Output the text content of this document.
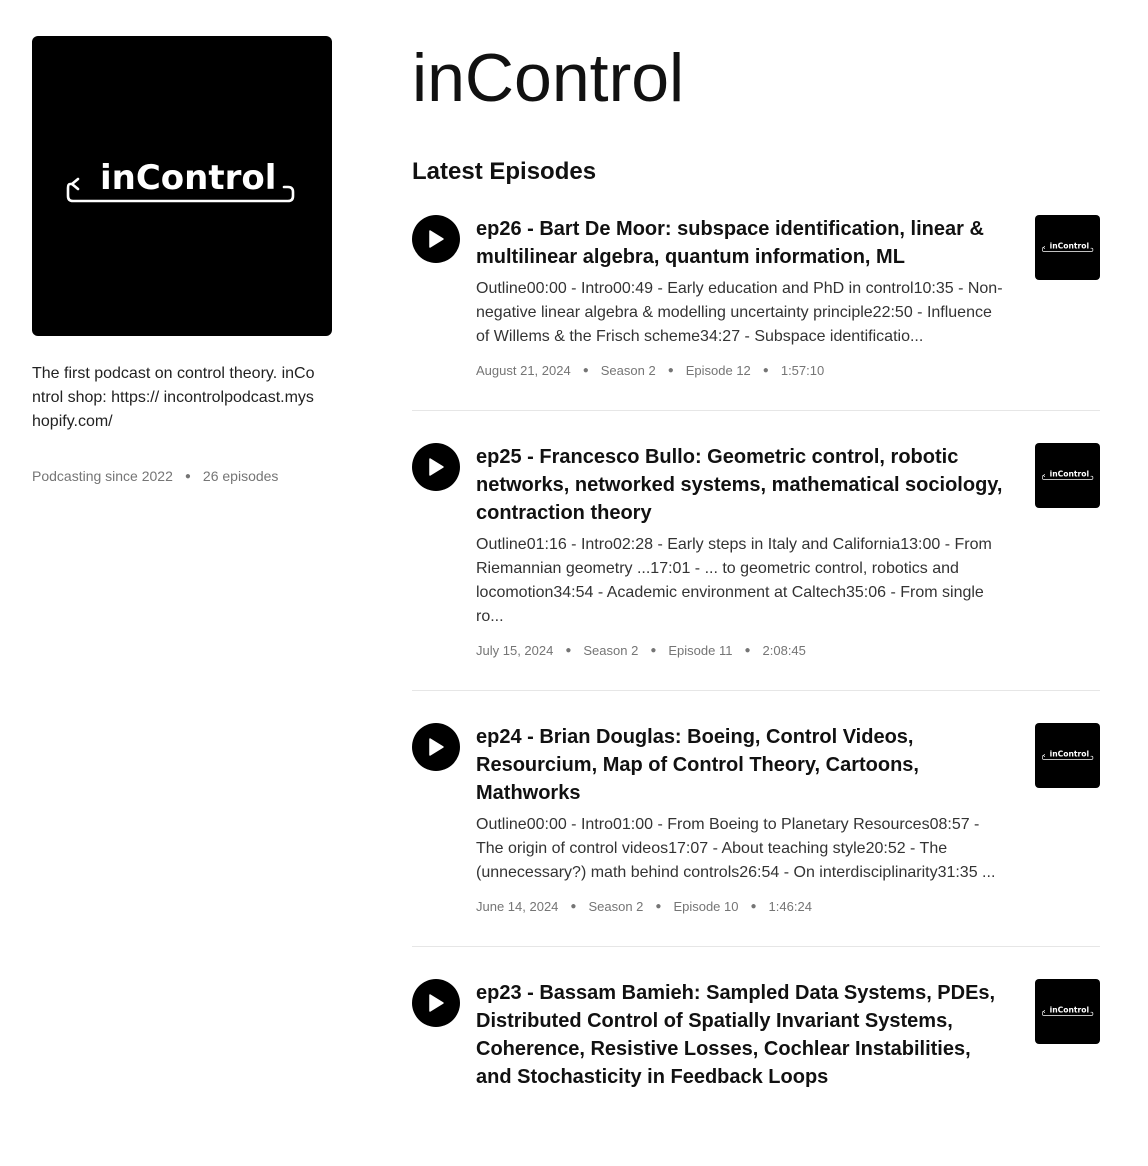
inControl

The first podcast on control theory. inControl shop: https:// incontrolpodcast.myshopify.com/

Podcasting since 2022 ● 26 episodes
inControl
Latest Episodes
ep26 - Bart De Moor: subspace identification, linear & multilinear algebra, quantum information, ML
Outline00:00 - Intro00:49 - Early education and PhD in control10:35 - Non-negative linear algebra & modelling uncertainty principle22:50 - Influence of Willems & the Frisch scheme34:27 - Subspace identificatio...
August 21, 2024 ● Season 2 ● Episode 12 ● 1:57:10
inControl
ep25 - Francesco Bullo: Geometric control, robotic networks, networked systems, mathematical sociology, contraction theory
Outline01:16 - Intro02:28 - Early steps in Italy and California13:00 - From Riemannian geometry ...17:01 - ... to geometric control, robotics and locomotion34:54 - Academic environment at Caltech35:06 - From single ro...
July 15, 2024 ● Season 2 ● Episode 11 ● 2:08:45
inControl
ep24 - Brian Douglas: Boeing, Control Videos, Resourcium, Map of Control Theory, Cartoons, Mathworks
Outline00:00 - Intro01:00 - From Boeing to Planetary Resources08:57 - The origin of control videos17:07 - About teaching style20:52 - The (unnecessary?) math behind controls26:54 - On interdisciplinarity31:35 ...
June 14, 2024 ● Season 2 ● Episode 10 ● 1:46:24
inControl
ep23 - Bassam Bamieh: Sampled Data Systems, PDEs, Distributed Control of Spatially Invariant Systems, Coherence, Resistive Losses, Cochlear Instabilities, and Stochasticity in Feedback Loops
inControl
